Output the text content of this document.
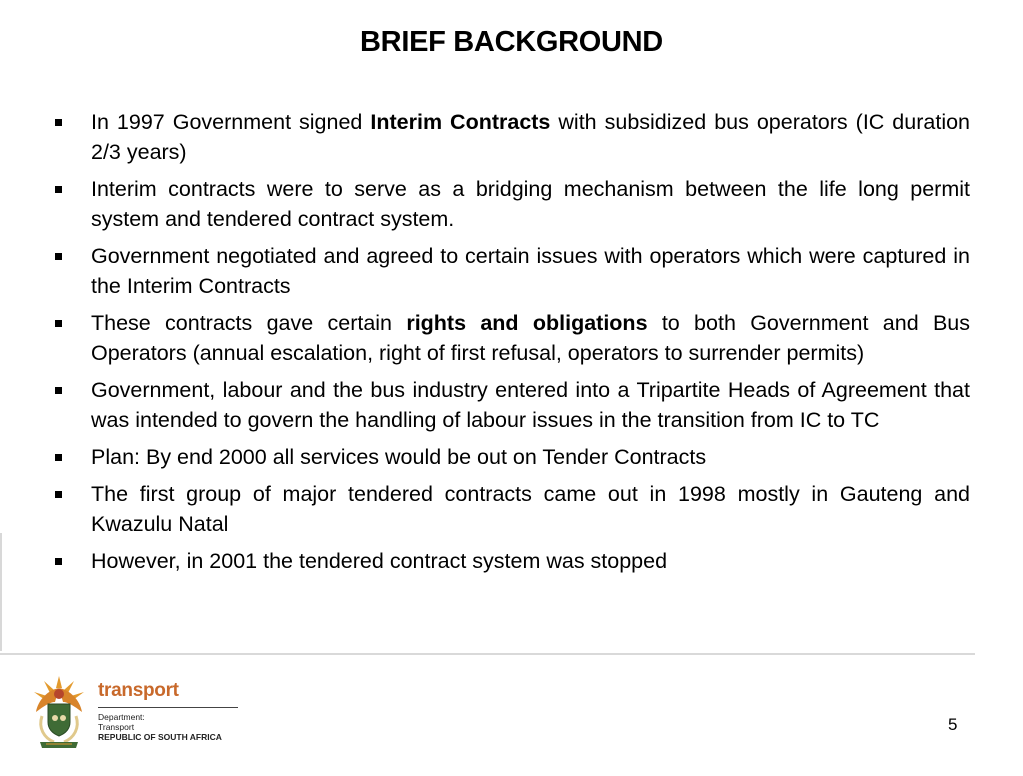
BRIEF BACKGROUND
In 1997 Government signed Interim Contracts with subsidized bus operators (IC duration 2/3 years)
Interim contracts were to serve as a bridging mechanism between the life long permit system and tendered contract system.
Government negotiated and agreed to certain issues with operators which were captured in the Interim Contracts
These contracts gave certain rights and obligations to both Government and Bus Operators (annual escalation, right of first refusal, operators to surrender permits)
Government, labour and the bus industry entered into a Tripartite Heads of Agreement that was intended to govern the handling of labour issues in the transition from IC to TC
Plan: By end 2000 all services would be out on Tender Contracts
The first group of major tendered contracts came out in 1998 mostly in Gauteng and Kwazulu Natal
However, in 2001 the tendered contract system was stopped
transport
Department:
Transport
REPUBLIC OF SOUTH AFRICA
5
